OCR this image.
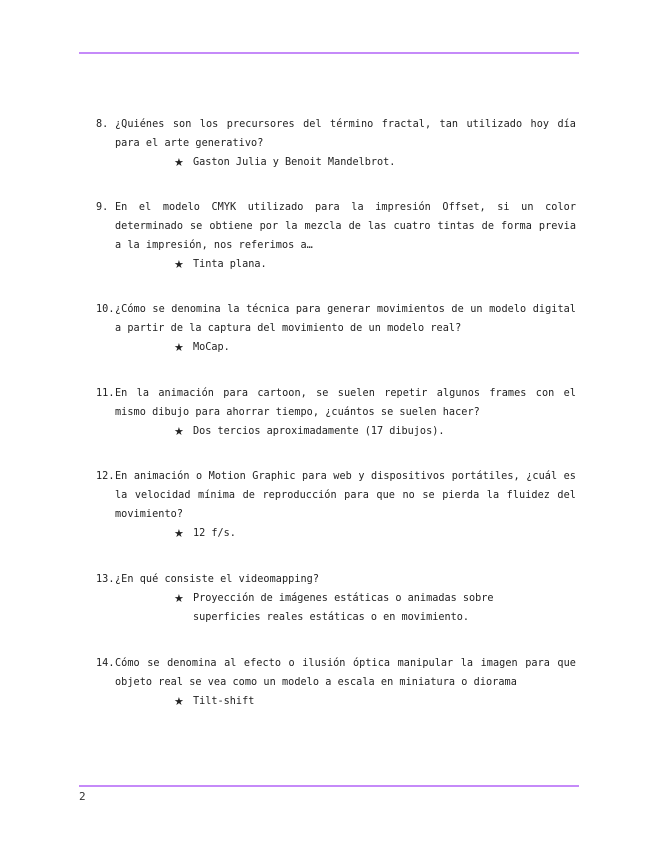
8. ¿Quiénes son los precursores del término fractal, tan utilizado hoy día para el arte generativo?
★ Gaston Julia y Benoit Mandelbrot.
9. En el modelo CMYK utilizado para la impresión Offset, si un color determinado se obtiene por la mezcla de las cuatro tintas de forma previa a la impresión, nos referimos a…
★ Tinta plana.
10. ¿Cómo se denomina la técnica para generar movimientos de un modelo digital a partir de la captura del movimiento de un modelo real?
★ MoCap.
11. En la animación para cartoon, se suelen repetir algunos frames con el mismo dibujo para ahorrar tiempo, ¿cuántos se suelen hacer?
★ Dos tercios aproximadamente (17 dibujos).
12. En animación o Motion Graphic para web y dispositivos portátiles, ¿cuál es la velocidad mínima de reproducción para que no se pierda la fluidez del movimiento?
★ 12 f/s.
13. ¿En qué consiste el videomapping?
★ Proyección de imágenes estáticas o animadas sobre superficies reales estáticas o en movimiento.
14. Cómo se denomina al efecto o ilusión óptica manipular la imagen para que objeto real se vea como un modelo a escala en miniatura o diorama
★ Tilt-shift
2
